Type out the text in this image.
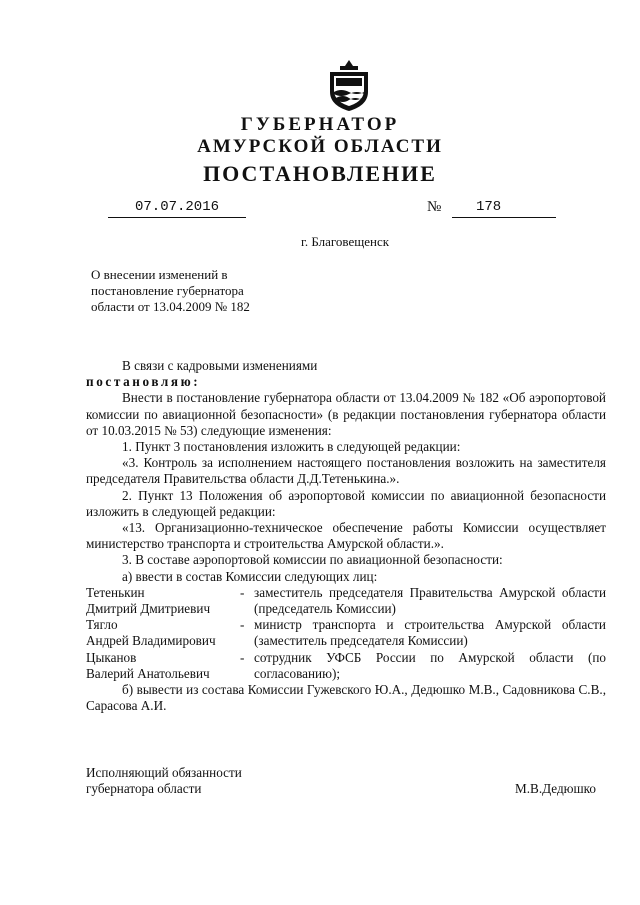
ГУБЕРНАТОР
АМУРСКОЙ ОБЛАСТИ
ПОСТАНОВЛЕНИЕ
07.07.2016	№	178
г. Благовещенск
О внесении изменений в
постановление губернатора
области от 13.04.2009 № 182

В связи с кадровыми изменениями

постановляю:

Внести в постановление губернатора области от 13.04.2009 № 182 «Об аэропортовой комиссии по авиационной безопасности» (в редакции постановления губернатора области от 10.03.2015 № 53) следующие изменения:

1. Пункт 3 постановления изложить в следующей редакции:

«3. Контроль за исполнением настоящего постановления возложить на заместителя председателя Правительства области Д.Д.Тетенькина.».

2. Пункт 13 Положения об аэропортовой комиссии по авиационной безопасности изложить в следующей редакции:

«13. Организационно-техническое обеспечение работы Комиссии осуществляет министерство транспорта и строительства Амурской области.».

3. В составе аэропортовой комиссии по авиационной безопасности:

а) ввести в состав Комиссии следующих лиц:

Тетенькин
Дмитрий Дмитриевич
- заместитель председателя Правительства Амурской области (председатель Комиссии)
Тягло
Андрей Владимирович
- министр транспорта и строительства Амурской области (заместитель председателя Комиссии)
Цыканов
Валерий Анатольевич
- сотрудник УФСБ России по Амурской области (по согласованию);

б) вывести из состава Комиссии Гужевского Ю.А., Дедюшко М.В., Садовникова С.В., Сарасова А.И.

Исполняющий обязанности
губернатора области	М.В.Дедюшко
